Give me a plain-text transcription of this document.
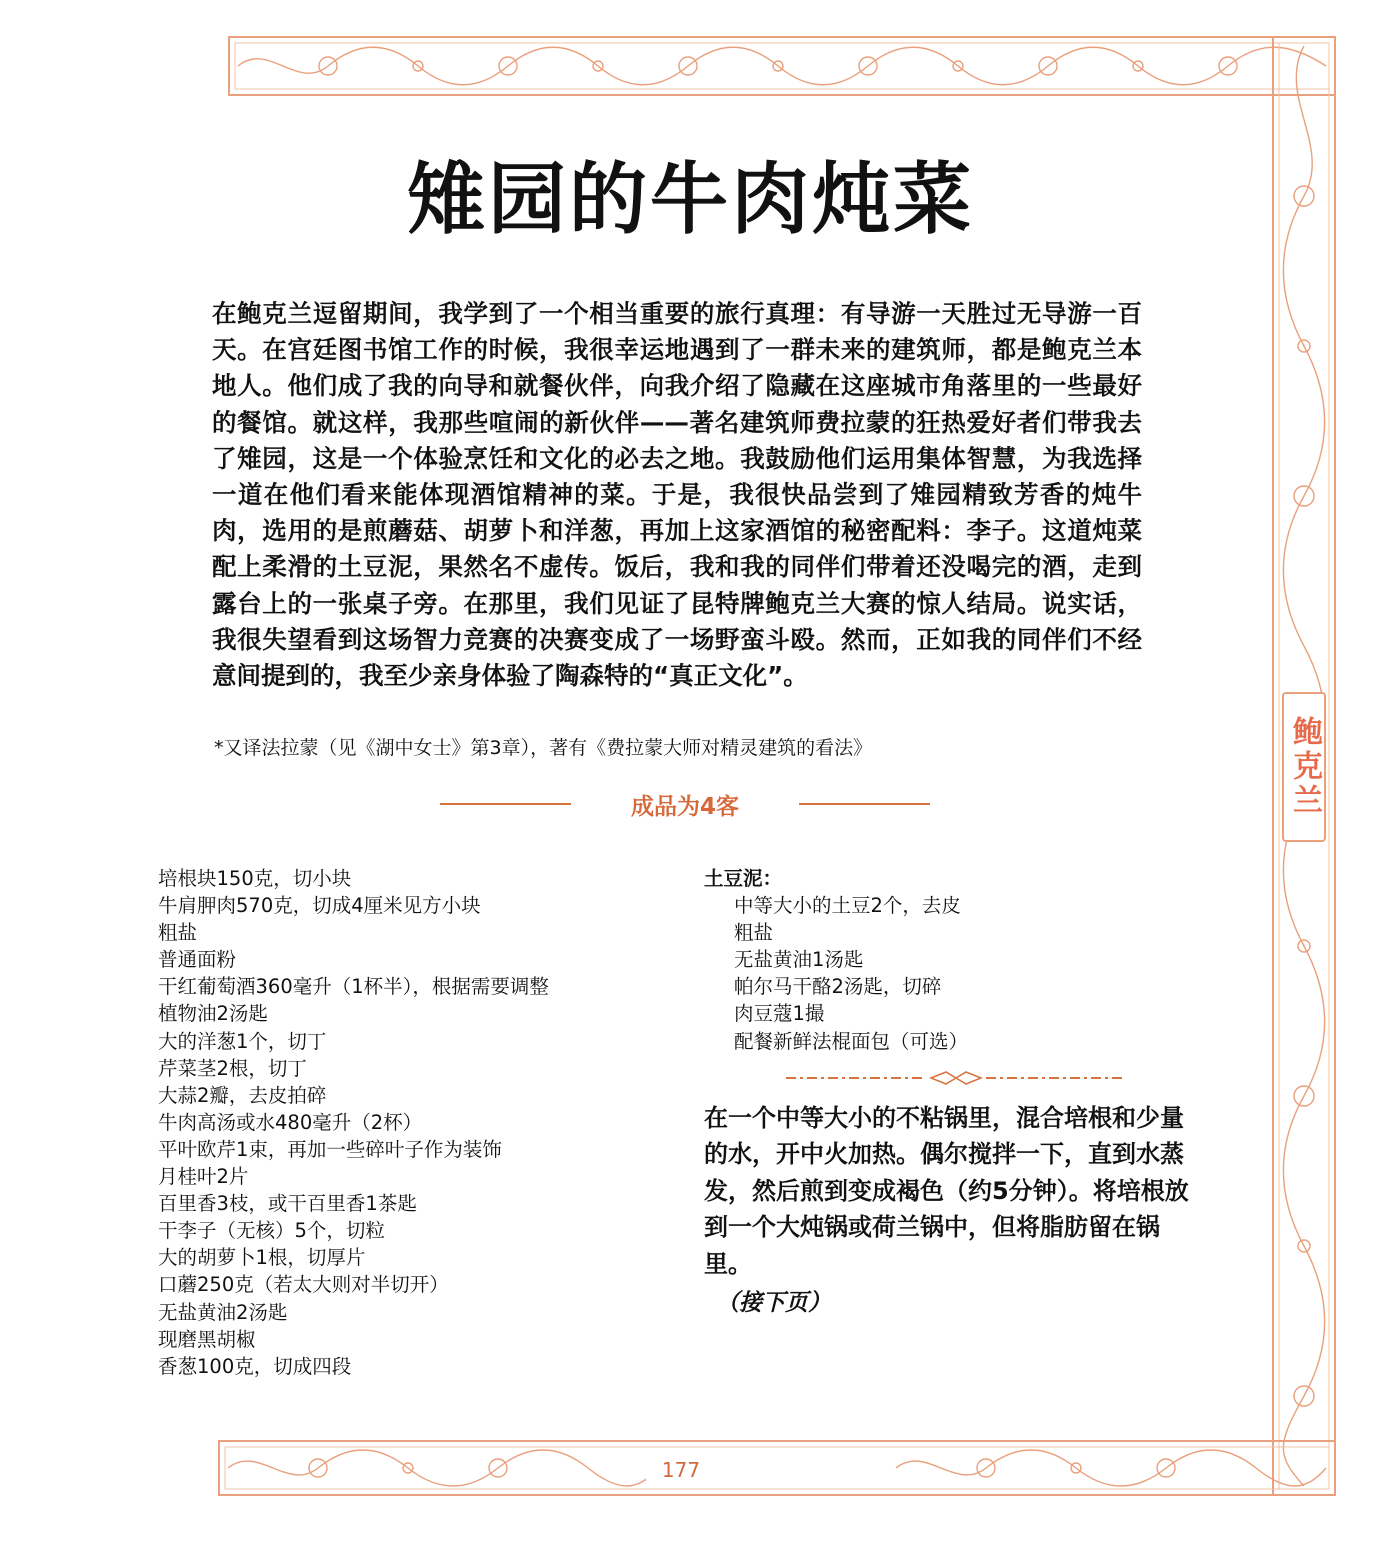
鲍克兰
雉园的牛肉炖菜

在鲍克兰逗留期间，我学到了一个相当重要的旅行真理：有导游一天胜过无导游一百天。在宫廷图书馆工作的时候，我很幸运地遇到了一群未来的建筑师，都是鲍克兰本地人。他们成了我的向导和就餐伙伴，向我介绍了隐藏在这座城市角落里的一些最好的餐馆。就这样，我那些喧闹的新伙伴——著名建筑师费拉蒙的狂热爱好者们带我去了雉园，这是一个体验烹饪和文化的必去之地。我鼓励他们运用集体智慧，为我选择一道在他们看来能体现酒馆精神的菜。于是，我很快品尝到了雉园精致芳香的炖牛肉，选用的是煎蘑菇、胡萝卜和洋葱，再加上这家酒馆的秘密配料：李子。这道炖菜配上柔滑的土豆泥，果然名不虚传。饭后，我和我的同伴们带着还没喝完的酒，走到露台上的一张桌子旁。在那里，我们见证了昆特牌鲍克兰大赛的惊人结局。说实话，我很失望看到这场智力竞赛的决赛变成了一场野蛮斗殴。然而，正如我的同伴们不经意间提到的，我至少亲身体验了陶森特的“真正文化”。

*又译法拉蒙（见《湖中女士》第3章），著有《费拉蒙大师对精灵建筑的看法》

成品为4客
培根块150克，切小块
牛肩胛肉570克，切成4厘米见方小块
粗盐
普通面粉
干红葡萄酒360毫升（1杯半），根据需要调整
植物油2汤匙
大的洋葱1个，切丁
芹菜茎2根，切丁
大蒜2瓣，去皮拍碎
牛肉高汤或水480毫升（2杯）
平叶欧芹1束，再加一些碎叶子作为装饰
月桂叶2片
百里香3枝，或干百里香1茶匙
干李子（无核）5个，切粒
大的胡萝卜1根，切厚片
口蘑250克（若太大则对半切开）
无盐黄油2汤匙
现磨黑胡椒
香葱100克，切成四段
土豆泥：
中等大小的土豆2个，去皮
粗盐
无盐黄油1汤匙
帕尔马干酪2汤匙，切碎
肉豆蔻1撮
配餐新鲜法棍面包（可选）

在一个中等大小的不粘锅里，混合培根和少量的水，开中火加热。偶尔搅拌一下，直到水蒸发，然后煎到变成褐色（约5分钟）。将培根放到一个大炖锅或荷兰锅中，但将脂肪留在锅里。

（接下页）

177
